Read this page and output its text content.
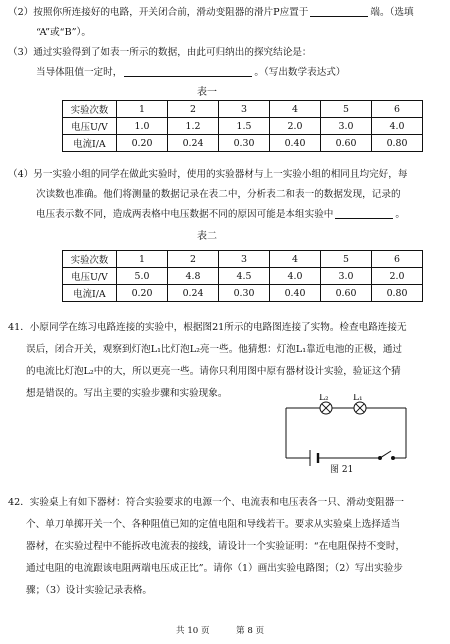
（2）按照你所连接好的电路，开关闭合前，滑动变阻器的滑片P应置于	端。（选填
“A”或“B”）。
（3）通过实验得到了如表一所示的数据，由此可归纳出的探究结论是：
当导体阻值一定时，	。（写出数学表达式）
表一
实验次数	1	2	3	4	5	6
电压U/V	1.0	1.2	1.5	2.0	3.0	4.0
电流I/A	0.20	0.24	0.30	0.40	0.60	0.80
（4）另一实验小组的同学在做此实验时，使用的实验器材与上一实验小组的相同且均完好，每
次读数也准确。他们将测量的数据记录在表二中，分析表二和表一的数据发现，记录的
电压表示数不同，造成两表格中电压数据不同的原因可能是本组实验中	。
表二
实验次数	1	2	3	4	5	6
电压U/V	5.0	4.8	4.5	4.0	3.0	2.0
电流I/A	0.20	0.24	0.30	0.40	0.60	0.80
41．小原同学在练习电路连接的实验中，根据图21所示的电路图连接了实物。检查电路连接无
误后，闭合开关，观察到灯泡L₁比灯泡L₂亮一些。他猜想：灯泡L₁靠近电池的正极，通过
的电流比灯泡L₂中的大，所以更亮一些。请你只利用图中原有器材设计实验，验证这个猜
想是错误的。写出主要的实验步骤和实验现象。	L₂	L₁
图 21
42．实验桌上有如下器材：符合实验要求的电源一个、电流表和电压表各一只、滑动变阻器一
个、单刀单掷开关一个、各种阻值已知的定值电阻和导线若干。要求从实验桌上选择适当
器材，在实验过程中不能拆改电流表的接线，请设计一个实验证明：“在电阻保持不变时，
通过电阻的电流跟该电阻两端电压成正比”。请你（1）画出实验电路图；（2）写出实验步
骤；（3）设计实验记录表格。
共 10 页	第 8 页
